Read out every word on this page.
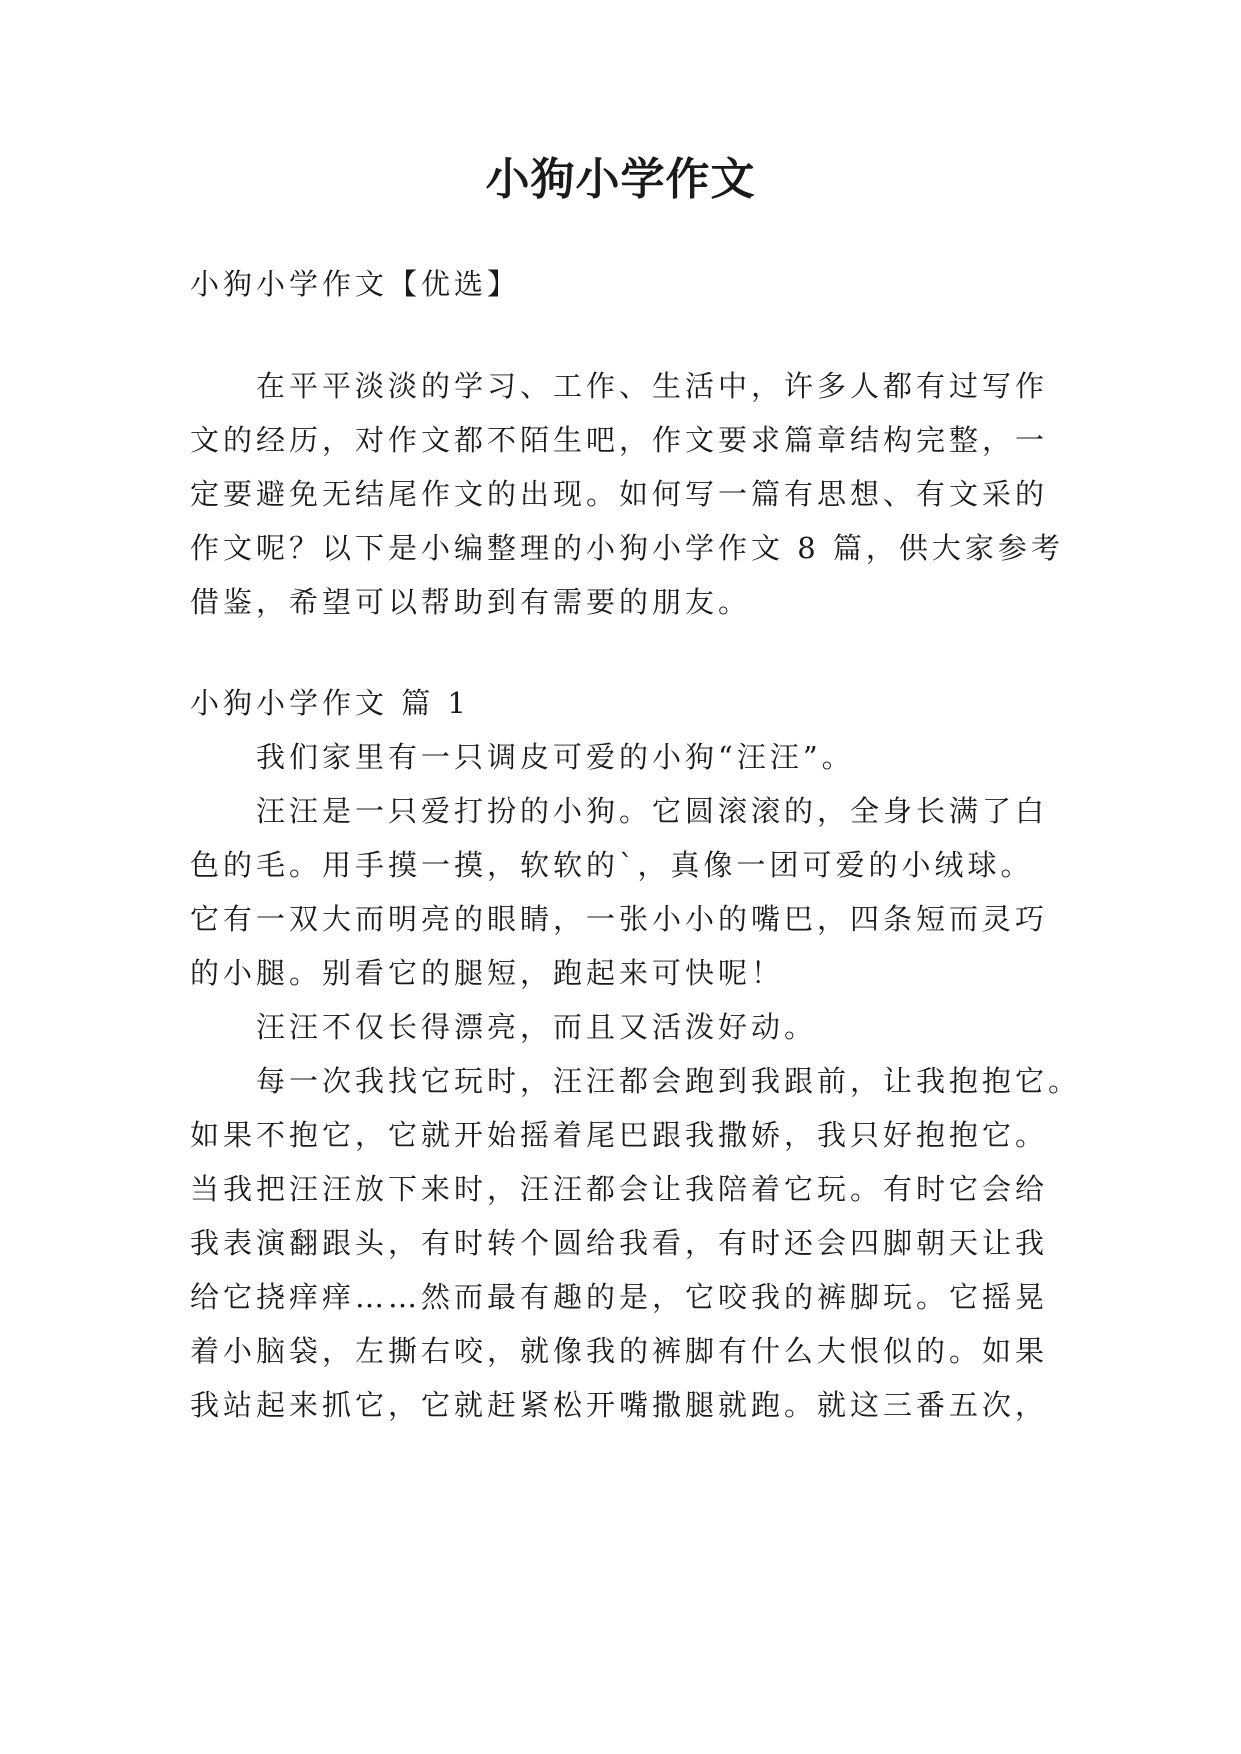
小狗小学作文
小狗小学作文【优选】
在平平淡淡的学习、工作、生活中，许多人都有过写作
文的经历，对作文都不陌生吧，作文要求篇章结构完整，一
定要避免无结尾作文的出现。如何写一篇有思想、有文采的
作文呢？以下是小编整理的小狗小学作文 8 篇，供大家参考
借鉴，希望可以帮助到有需要的朋友。
小狗小学作文 篇 1
我们家里有一只调皮可爱的小狗“汪汪”。
汪汪是一只爱打扮的小狗。它圆滚滚的，全身长满了白
色的毛。用手摸一摸，软软的`，真像一团可爱的小绒球。
它有一双大而明亮的眼睛，一张小小的嘴巴，四条短而灵巧
的小腿。别看它的腿短，跑起来可快呢！
汪汪不仅长得漂亮，而且又活泼好动。
每一次我找它玩时，汪汪都会跑到我跟前，让我抱抱它。
如果不抱它，它就开始摇着尾巴跟我撒娇，我只好抱抱它。
当我把汪汪放下来时，汪汪都会让我陪着它玩。有时它会给
我表演翻跟头，有时转个圆给我看，有时还会四脚朝天让我
给它挠痒痒……然而最有趣的是，它咬我的裤脚玩。它摇晃
着小脑袋，左撕右咬，就像我的裤脚有什么大恨似的。如果
我站起来抓它，它就赶紧松开嘴撒腿就跑。就这三番五次，
